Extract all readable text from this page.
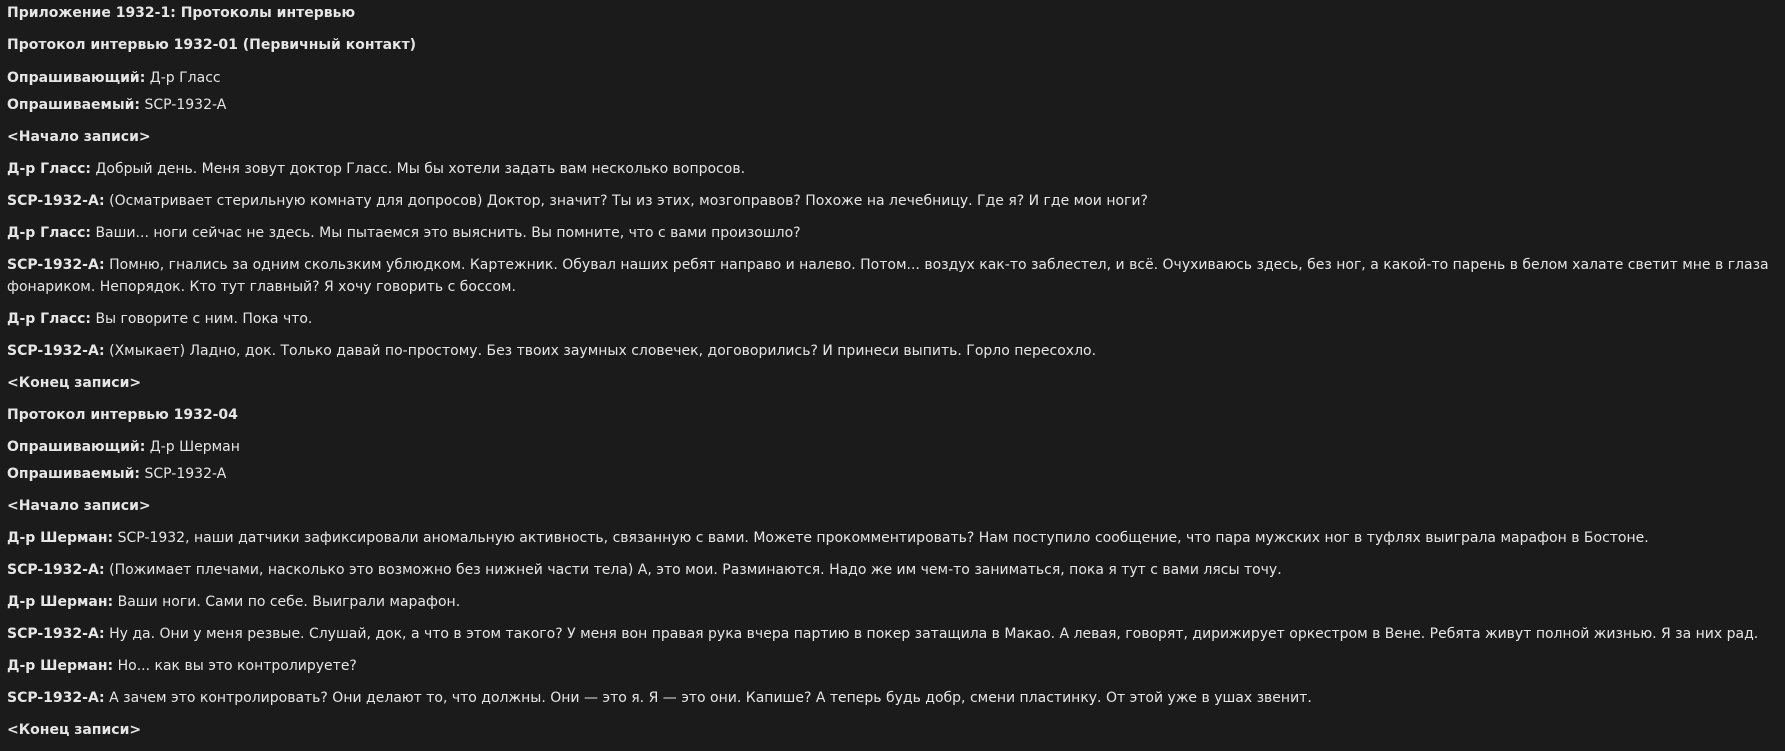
Приложение 1932-1: Протоколы интервью

Протокол интервью 1932-01 (Первичный контакт)

Опрашивающий: Д-р Гласс

Опрашиваемый: SCP-1932-A

<Начало записи>

Д-р Гласс: Добрый день. Меня зовут доктор Гласс. Мы бы хотели задать вам несколько вопросов.

SCP-1932-A: (Осматривает стерильную комнату для допросов) Доктор, значит? Ты из этих, мозгоправов? Похоже на лечебницу. Где я? И где мои ноги?

Д-р Гласс: Ваши... ноги сейчас не здесь. Мы пытаемся это выяснить. Вы помните, что с вами произошло?

SCP-1932-A: Помню, гнались за одним скользким ублюдком. Картежник. Обувал наших ребят направо и налево. Потом... воздух как-то заблестел, и всё. Очухиваюсь здесь, без ног, а какой-то парень в белом халате светит мне в глаза фонариком. Непорядок. Кто тут главный? Я хочу говорить с боссом.

Д-р Гласс: Вы говорите с ним. Пока что.

SCP-1932-A: (Хмыкает) Ладно, док. Только давай по-простому. Без твоих заумных словечек, договорились? И принеси выпить. Горло пересохло.

<Конец записи>

Протокол интервью 1932-04

Опрашивающий: Д-р Шерман

Опрашиваемый: SCP-1932-A

<Начало записи>

Д-р Шерман: SCP-1932, наши датчики зафиксировали аномальную активность, связанную с вами. Можете прокомментировать? Нам поступило сообщение, что пара мужских ног в туфлях выиграла марафон в Бостоне.

SCP-1932-A: (Пожимает плечами, насколько это возможно без нижней части тела) А, это мои. Разминаются. Надо же им чем-то заниматься, пока я тут с вами лясы точу.

Д-р Шерман: Ваши ноги. Сами по себе. Выиграли марафон.

SCP-1932-A: Ну да. Они у меня резвые. Слушай, док, а что в этом такого? У меня вон правая рука вчера партию в покер затащила в Макао. А левая, говорят, дирижирует оркестром в Вене. Ребята живут полной жизнью. Я за них рад.

Д-р Шерман: Но... как вы это контролируете?

SCP-1932-A: А зачем это контролировать? Они делают то, что должны. Они — это я. Я — это они. Капише? А теперь будь добр, смени пластинку. От этой уже в ушах звенит.

<Конец записи>
